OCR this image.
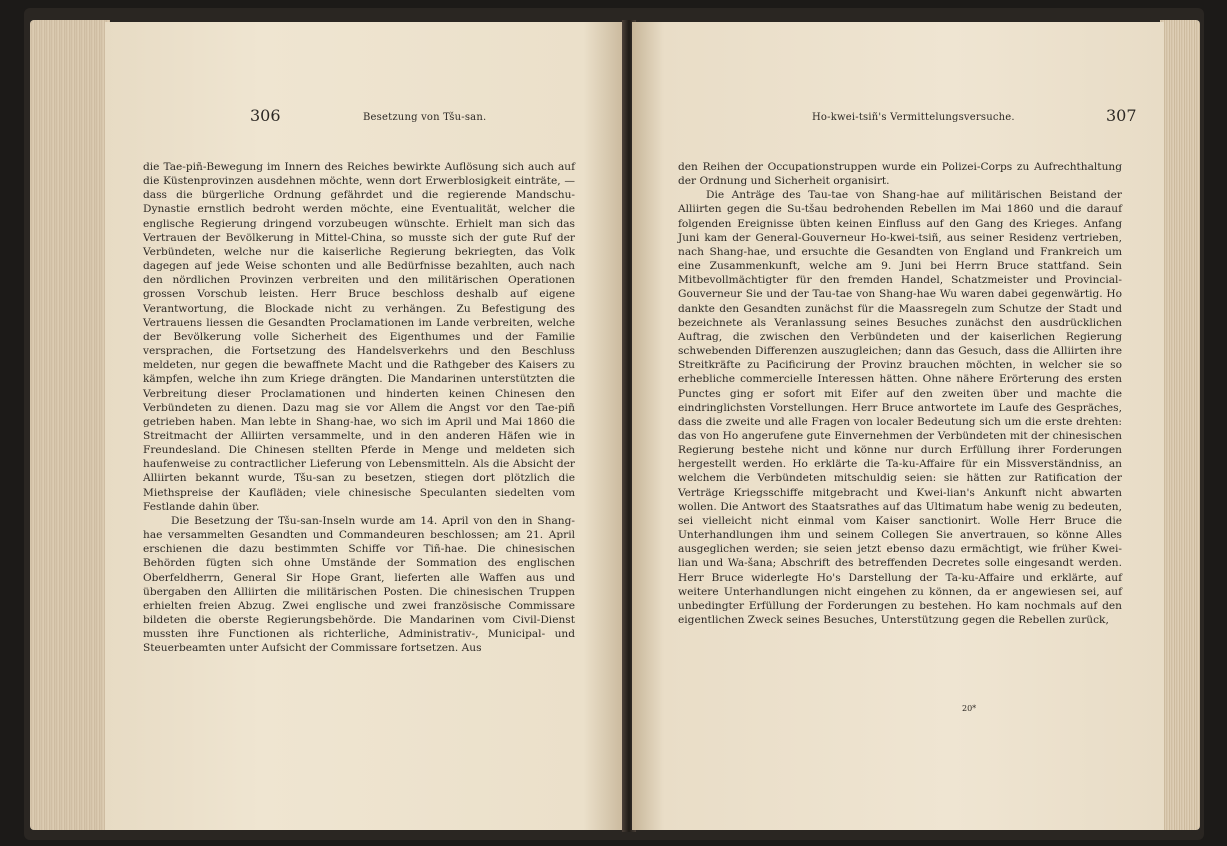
306	Besetzung von Tšu-san.

die Tae-piñ-Bewegung im Innern des Reiches bewirkte Auflösung sich auch auf die Küstenprovinzen ausdehnen möchte, wenn dort Erwerblosigkeit einträte, — dass die bürgerliche Ordnung gefährdet und die regierende Mandschu-Dynastie ernstlich bedroht werden möchte, eine Eventualität, welcher die englische Regierung dringend vorzubeugen wünschte. Erhielt man sich das Vertrauen der Bevölkerung in Mittel-China, so musste sich der gute Ruf der Verbündeten, welche nur die kaiserliche Regierung bekriegten, das Volk dagegen auf jede Weise schonten und alle Bedürfnisse bezahlten, auch nach den nördlichen Provinzen verbreiten und den militärischen Operationen grossen Vorschub leisten. Herr Bruce beschloss deshalb auf eigene Verantwortung, die Blockade nicht zu verhängen. Zu Befestigung des Vertrauens liessen die Gesandten Proclamationen im Lande verbreiten, welche der Bevölkerung volle Sicherheit des Eigenthumes und der Familie versprachen, die Fortsetzung des Handelsverkehrs und den Beschluss meldeten, nur gegen die bewaffnete Macht und die Rathgeber des Kaisers zu kämpfen, welche ihn zum Kriege drängten. Die Mandarinen unterstützten die Verbreitung dieser Proclamationen und hinderten keinen Chinesen den Verbündeten zu dienen. Dazu mag sie vor Allem die Angst vor den Tae-piñ getrieben haben. Man lebte in Shang-hae, wo sich im April und Mai 1860 die Streitmacht der Alliirten versammelte, und in den anderen Häfen wie in Freundesland. Die Chinesen stellten Pferde in Menge und meldeten sich haufenweise zu contractlicher Lieferung von Lebensmitteln. Als die Absicht der Alliirten bekannt wurde, Tšu-san zu besetzen, stiegen dort plötzlich die Miethspreise der Kaufläden; viele chinesische Speculanten siedelten vom Festlande dahin über.

Die Besetzung der Tšu-san-Inseln wurde am 14. April von den in Shang-hae versammelten Gesandten und Commandeuren beschlossen; am 21. April erschienen die dazu bestimmten Schiffe vor Tiñ-hae. Die chinesischen Behörden fügten sich ohne Umstände der Sommation des englischen Oberfeldherrn, General Sir Hope Grant, lieferten alle Waffen aus und übergaben den Alliirten die militärischen Posten. Die chinesischen Truppen erhielten freien Abzug. Zwei englische und zwei französische Commissare bildeten die oberste Regierungsbehörde. Die Mandarinen vom Civil-Dienst mussten ihre Functionen als richterliche, Administrativ-, Municipal- und Steuerbeamten unter Aufsicht der Commissare fortsetzen. Aus

Ho-kwei-tsiñ's Vermittelungsversuche.	307

den Reihen der Occupationstruppen wurde ein Polizei-Corps zu Aufrechthaltung der Ordnung und Sicherheit organisirt.

Die Anträge des Tau-tae von Shang-hae auf militärischen Beistand der Alliirten gegen die Su-tšau bedrohenden Rebellen im Mai 1860 und die darauf folgenden Ereignisse übten keinen Einfluss auf den Gang des Krieges. Anfang Juni kam der General-Gouverneur Ho-kwei-tsiñ, aus seiner Residenz vertrieben, nach Shang-hae, und ersuchte die Gesandten von England und Frankreich um eine Zusammenkunft, welche am 9. Juni bei Herrn Bruce stattfand. Sein Mitbevollmächtigter für den fremden Handel, Schatzmeister und Provincial-Gouverneur Sie und der Tau-tae von Shang-hae Wu waren dabei gegenwärtig. Ho dankte den Gesandten zunächst für die Maassregeln zum Schutze der Stadt und bezeichnete als Veranlassung seines Besuches zunächst den ausdrücklichen Auftrag, die zwischen den Verbündeten und der kaiserlichen Regierung schwebenden Differenzen auszugleichen; dann das Gesuch, dass die Alliirten ihre Streitkräfte zu Pacificirung der Provinz brauchen möchten, in welcher sie so erhebliche commercielle Interessen hätten. Ohne nähere Erörterung des ersten Punctes ging er sofort mit Eifer auf den zweiten über und machte die eindringlichsten Vorstellungen. Herr Bruce antwortete im Laufe des Gespräches, dass die zweite und alle Fragen von localer Bedeutung sich um die erste drehten: das von Ho angerufene gute Einvernehmen der Verbündeten mit der chinesischen Regierung bestehe nicht und könne nur durch Erfüllung ihrer Forderungen hergestellt werden. Ho erklärte die Ta-ku-Affaire für ein Missverständniss, an welchem die Verbündeten mitschuldig seien: sie hätten zur Ratification der Verträge Kriegsschiffe mitgebracht und Kwei-lian's Ankunft nicht abwarten wollen. Die Antwort des Staatsrathes auf das Ultimatum habe wenig zu bedeuten, sei vielleicht nicht einmal vom Kaiser sanctionirt. Wolle Herr Bruce die Unterhandlungen ihm und seinem Collegen Sie anvertrauen, so könne Alles ausgeglichen werden; sie seien jetzt ebenso dazu ermächtigt, wie früher Kwei-lian und Wa-šana; Abschrift des betreffenden Decretes solle eingesandt werden. Herr Bruce widerlegte Ho's Darstellung der Ta-ku-Affaire und erklärte, auf weitere Unterhandlungen nicht eingehen zu können, da er angewiesen sei, auf unbedingter Erfüllung der Forderungen zu bestehen. Ho kam nochmals auf den eigentlichen Zweck seines Besuches, Unterstützung gegen die Rebellen zurück,

20*
